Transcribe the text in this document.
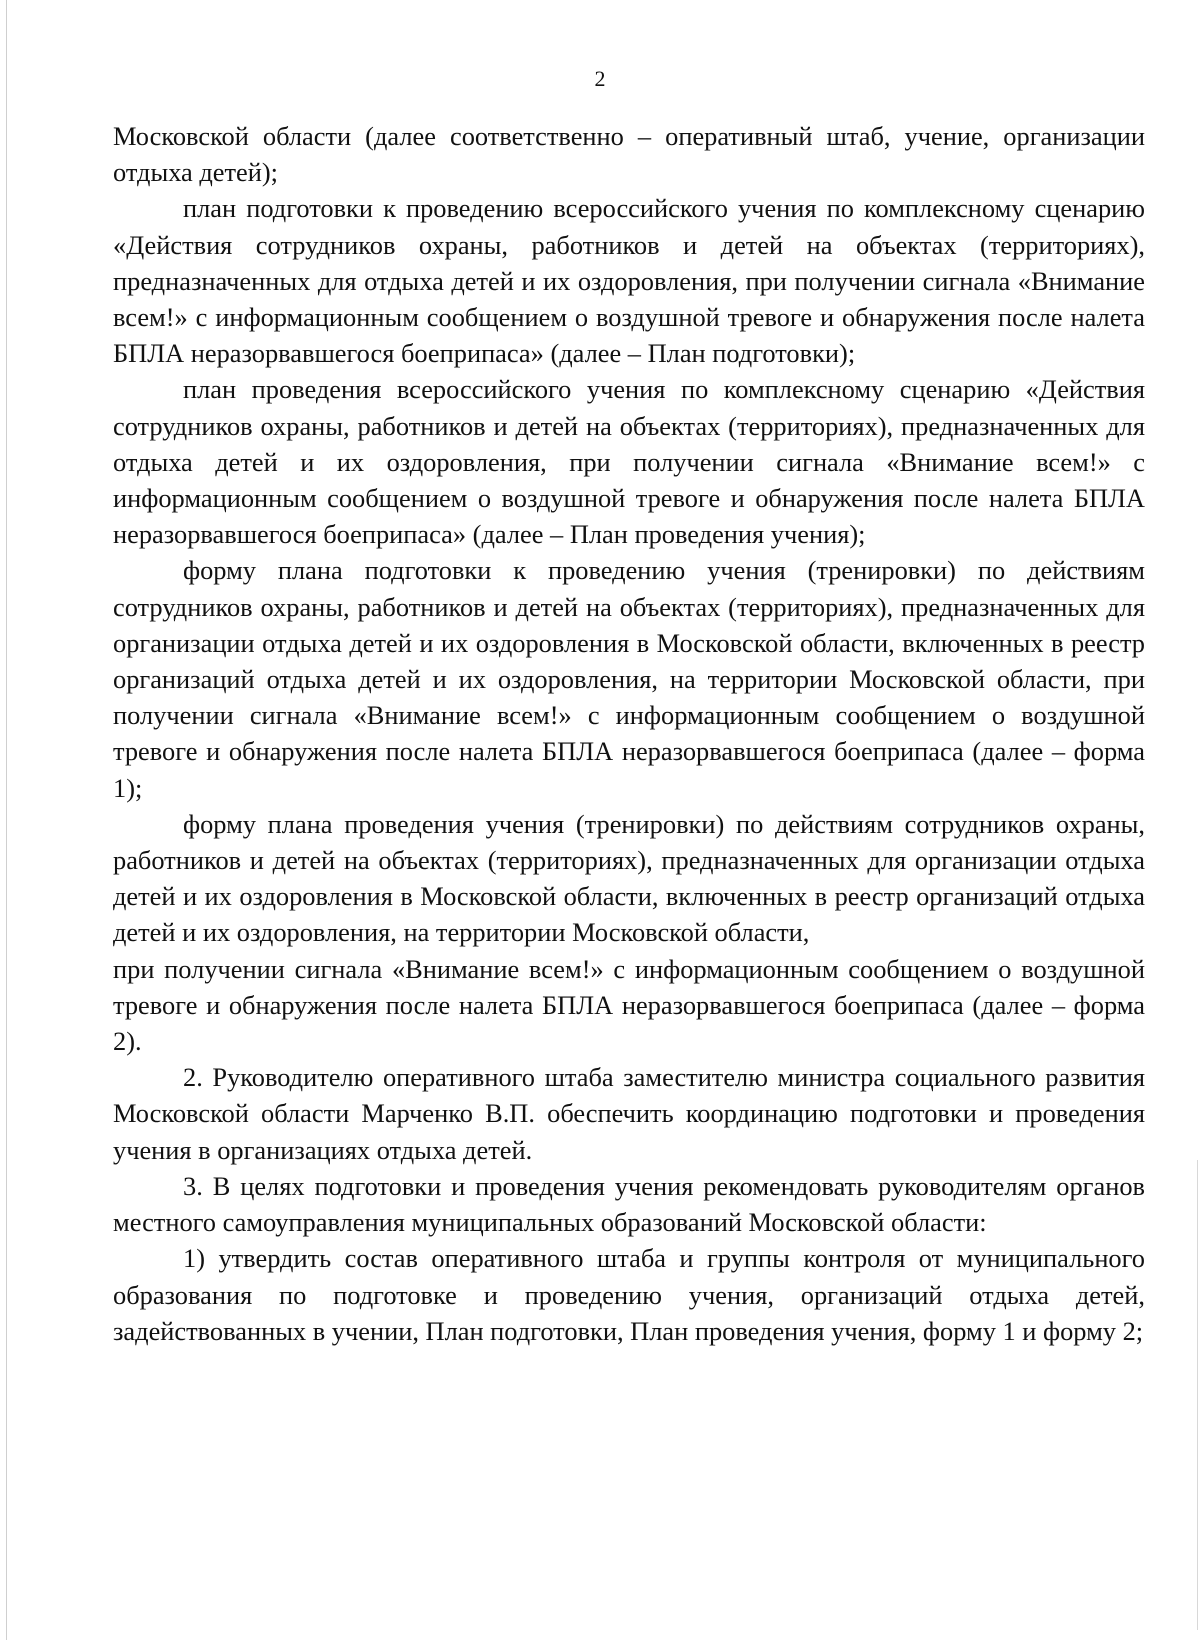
2

Московской области (далее соответственно – оперативный штаб, учение, организации отдыха детей);

план подготовки к проведению всероссийского учения по комплексному сценарию «Действия сотрудников охраны, работников и детей на объектах (территориях), предназначенных для отдыха детей и их оздоровления, при получении сигнала «Внимание всем!» с информационным сообщением о воздушной тревоге и обнаружения после налета БПЛА неразорвавшегося боеприпаса» (далее – План подготовки);

план проведения всероссийского учения по комплексному сценарию «Действия сотрудников охраны, работников и детей на объектах (территориях), предназначенных для отдыха детей и их оздоровления, при получении сигнала «Внимание всем!» с информационным сообщением о воздушной тревоге и обнаружения после налета БПЛА неразорвавшегося боеприпаса» (далее – План проведения учения);

форму плана подготовки к проведению учения (тренировки) по действиям сотрудников охраны, работников и детей на объектах (территориях), предназначенных для организации отдыха детей и их оздоровления в Московской области, включенных в реестр организаций отдыха детей и их оздоровления, на территории Московской области, при получении сигнала «Внимание всем!» с информационным сообщением о воздушной тревоге и обнаружения после налета БПЛА неразорвавшегося боеприпаса (далее – форма 1);

форму плана проведения учения (тренировки) по действиям сотрудников охраны, работников и детей на объектах (территориях), предназначенных для организации отдыха детей и их оздоровления в Московской области, включенных в реестр организаций отдыха детей и их оздоровления, на территории Московской области,

при получении сигнала «Внимание всем!» с информационным сообщением о воздушной тревоге и обнаружения после налета БПЛА неразорвавшегося боеприпаса (далее – форма 2).

2. Руководителю оперативного штаба заместителю министра социального развития Московской области Марченко В.П. обеспечить координацию подготовки и проведения учения в организациях отдыха детей.

3. В целях подготовки и проведения учения рекомендовать руководителям органов местного самоуправления муниципальных образований Московской области:

1) утвердить состав оперативного штаба и группы контроля от муниципального образования по подготовке и проведению учения, организаций отдыха детей, задействованных в учении, План подготовки, План проведения учения, форму 1 и форму 2;
